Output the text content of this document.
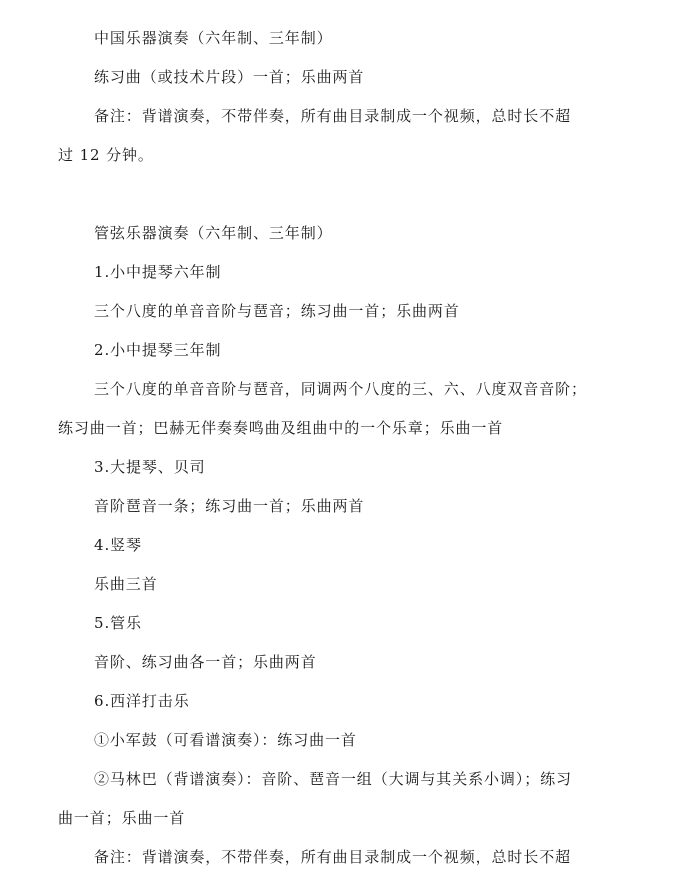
中国乐器演奏（六年制、三年制）
练习曲（或技术片段）一首；乐曲两首
备注：背谱演奏，不带伴奏，所有曲目录制成一个视频，总时长不超
过 12 分钟。
管弦乐器演奏（六年制、三年制）
1.小中提琴六年制
三个八度的单音音阶与琶音；练习曲一首；乐曲两首
2.小中提琴三年制
三个八度的单音音阶与琶音，同调两个八度的三、六、八度双音音阶；
练习曲一首；巴赫无伴奏奏鸣曲及组曲中的一个乐章；乐曲一首
3.大提琴、贝司
音阶琶音一条；练习曲一首；乐曲两首
4.竖琴
乐曲三首
5.管乐
音阶、练习曲各一首；乐曲两首
6.西洋打击乐
①小军鼓（可看谱演奏）：练习曲一首
②马林巴（背谱演奏）：音阶、琶音一组（大调与其关系小调）；练习
曲一首；乐曲一首
备注：背谱演奏，不带伴奏，所有曲目录制成一个视频，总时长不超
